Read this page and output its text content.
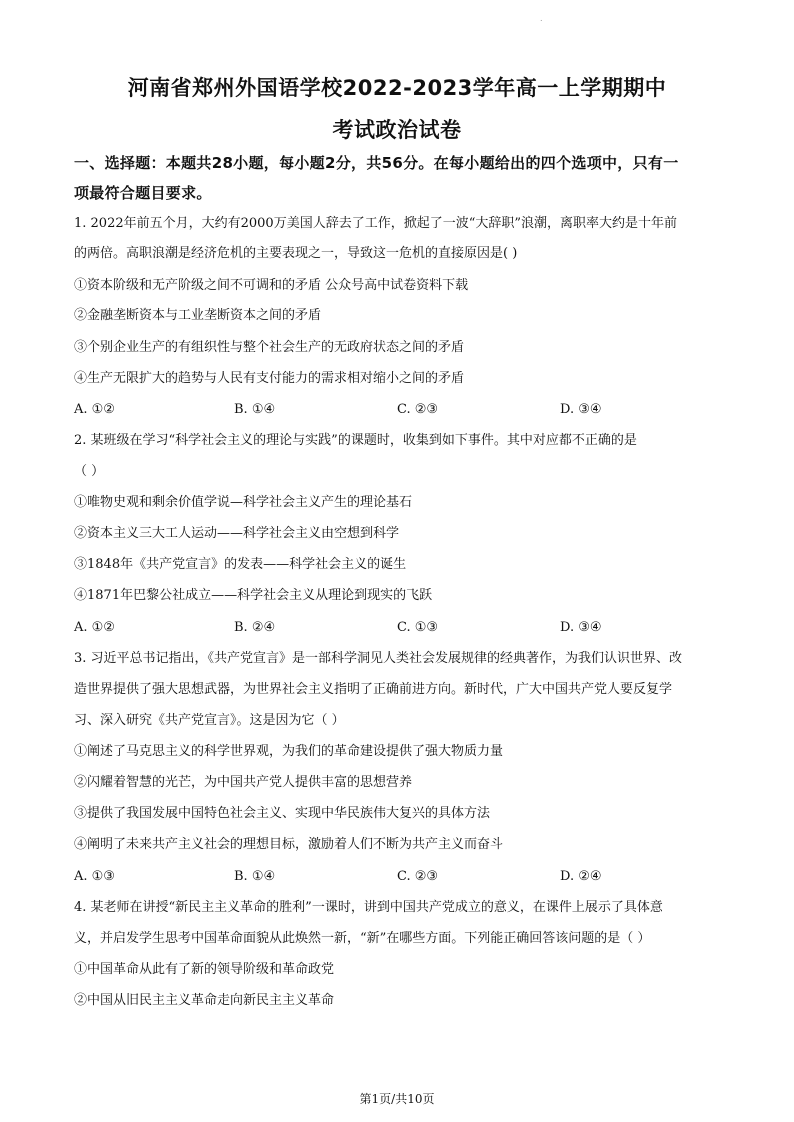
.
河南省郑州外国语学校2022-2023学年高一上学期期中
考试政治试卷
一、选择题：本题共28小题，每小题2分，共56分。在每小题给出的四个选项中，只有一
项最符合题目要求。
1. 2022年前五个月，大约有2000万美国人辞去了工作，掀起了一波“大辞职”浪潮，离职率大约是十年前
的两倍。高职浪潮是经济危机的主要表现之一，导致这一危机的直接原因是( )
①资本阶级和无产阶级之间不可调和的矛盾 公众号高中试卷资料下载
②金融垄断资本与工业垄断资本之间的矛盾
③个别企业生产的有组织性与整个社会生产的无政府状态之间的矛盾
④生产无限扩大的趋势与人民有支付能力的需求相对缩小之间的矛盾
A. ①②	B. ①④	C. ②③	D. ③④
2. 某班级在学习“科学社会主义的理论与实践”的课题时，收集到如下事件。其中对应都不正确的是
（ ）
①唯物史观和剩余价值学说—科学社会主义产生的理论基石
②资本主义三大工人运动——科学社会主义由空想到科学
③1848年《共产党宣言》的发表——科学社会主义的诞生
④1871年巴黎公社成立——科学社会主义从理论到现实的飞跃
A. ①②	B. ②④	C. ①③	D. ③④
3. 习近平总书记指出，《共产党宣言》是一部科学洞见人类社会发展规律的经典著作，为我们认识世界、改
造世界提供了强大思想武器，为世界社会主义指明了正确前进方向。新时代，广大中国共产党人要反复学
习、深入研究《共产党宣言》。这是因为它（ ）
①阐述了马克思主义的科学世界观，为我们的革命建设提供了强大物质力量
②闪耀着智慧的光芒，为中国共产党人提供丰富的思想营养
③提供了我国发展中国特色社会主义、实现中华民族伟大复兴的具体方法
④阐明了未来共产主义社会的理想目标，激励着人们不断为共产主义而奋斗
A. ①③	B. ①④	C. ②③	D. ②④
4. 某老师在讲授“新民主主义革命的胜利”一课时，讲到中国共产党成立的意义，在课件上展示了具体意
义，并启发学生思考中国革命面貌从此焕然一新，“新”在哪些方面。下列能正确回答该问题的是（ ）
①中国革命从此有了新的领导阶级和革命政党
②中国从旧民主主义革命走向新民主主义革命
第1页/共10页
